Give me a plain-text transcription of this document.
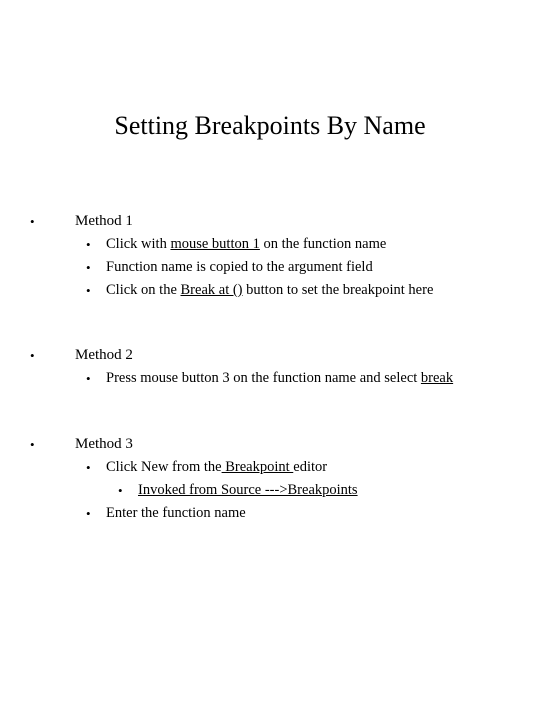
Setting Breakpoints By Name
•	Method 1
• Click with mouse button 1 on the function name
• Function name is copied to the argument field
• Click on the Break at () button to set the breakpoint here
•	Method 2
• Press mouse button 3 on the function name and select break
•	Method 3
• Click New from the Breakpoint editor
• Invoked from Source --->Breakpoints
• Enter the function name
